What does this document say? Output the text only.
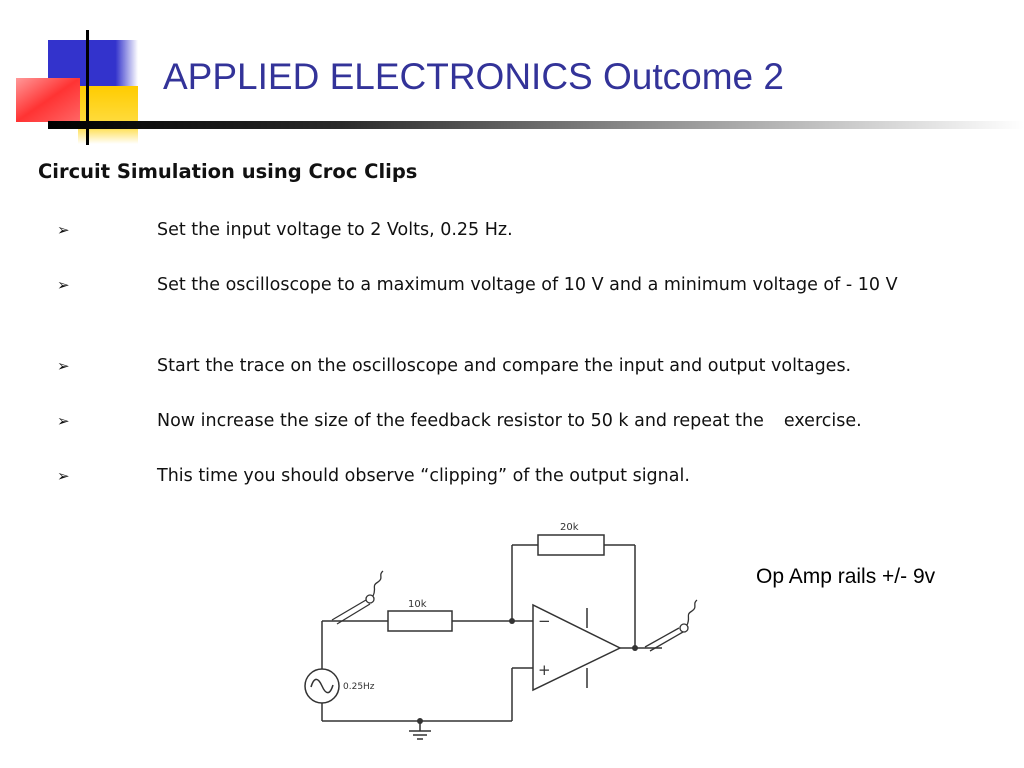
APPLIED ELECTRONICS Outcome 2
Circuit Simulation using Croc Clips
➢	Set the input voltage to 2 Volts, 0.25 Hz.
➢	Set the oscilloscope to a maximum voltage of 10 V and a minimum voltage of - 10 V
➢	Start the trace on the oscilloscope and compare the input and output voltages.
➢	Now increase the size of the feedback resistor to 50 k and repeat the exercise.
➢	This time you should observe “clipping” of the output signal.
20k
10k
−
+
0.25Hz
Op Amp rails +/- 9v
